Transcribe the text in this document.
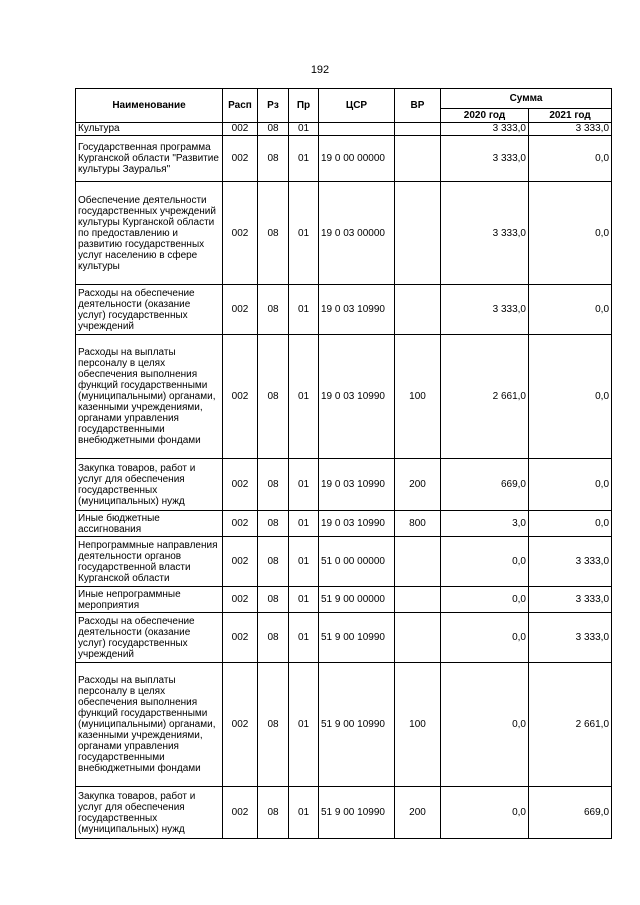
192
Наименование	Расп	Рз	Пр	ЦСР	ВР	Сумма	
						2020 год	2021 год
Культура	002	08	01			3 333,0	3 333,0
Государственная программа Курганской области "Развитие культуры Зауралья"	002	08	01	19 0 00 00000		3 333,0	0,0
Обеспечение деятельности государственных учреждений культуры Курганской области по предоставлению и развитию государственных услуг населению в сфере культуры	002	08	01	19 0 03 00000		3 333,0	0,0
Расходы на обеспечение деятельности (оказание услуг) государственных учреждений	002	08	01	19 0 03 10990		3 333,0	0,0
Расходы на выплаты персоналу в целях обеспечения выполнения функций государственными (муниципальными) органами, казенными учреждениями, органами управления государственными внебюджетными фондами	002	08	01	19 0 03 10990	100	2 661,0	0,0
Закупка товаров, работ и услуг для обеспечения государственных (муниципальных) нужд	002	08	01	19 0 03 10990	200	669,0	0,0
Иные бюджетные ассигнования	002	08	01	19 0 03 10990	800	3,0	0,0
Непрограммные направления деятельности органов государственной власти Курганской области	002	08	01	51 0 00 00000		0,0	3 333,0
Иные непрограммные мероприятия	002	08	01	51 9 00 00000		0,0	3 333,0
Расходы на обеспечение деятельности (оказание услуг) государственных учреждений	002	08	01	51 9 00 10990		0,0	3 333,0
Расходы на выплаты персоналу в целях обеспечения выполнения функций государственными (муниципальными) органами, казенными учреждениями, органами управления государственными внебюджетными фондами	002	08	01	51 9 00 10990	100	0,0	2 661,0
Закупка товаров, работ и услуг для обеспечения государственных (муниципальных) нужд	002	08	01	51 9 00 10990	200	0,0	669,0
